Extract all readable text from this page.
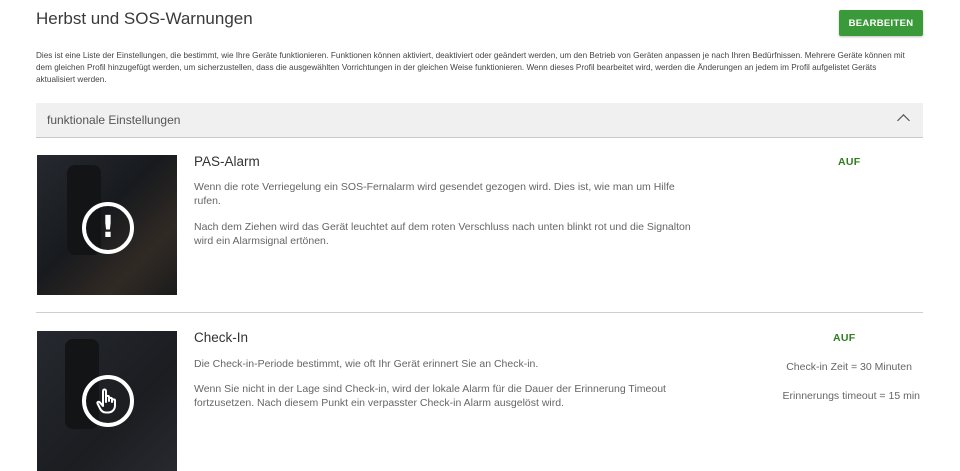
Herbst und SOS-Warnungen	BEARBEITEN
Dies ist eine Liste der Einstellungen, die bestimmt, wie Ihre Geräte funktionieren. Funktionen können aktiviert, deaktiviert oder geändert werden, um den Betrieb von Geräten anpassen je nach Ihren Bedürfnissen. Mehrere Geräte können mit dem gleichen Profil hinzugefügt werden, um sicherzustellen, dass die ausgewählten Vorrichtungen in der gleichen Weise funktionieren. Wenn dieses Profil bearbeitet wird, werden die Änderungen an jedem im Profil aufgelistet Geräts aktualisiert werden.
funktionale Einstellungen
!
PAS-Alarm
Wenn die rote Verriegelung ein SOS-Fernalarm wird gesendet gezogen wird. Dies ist, wie man um Hilfe rufen.
Nach dem Ziehen wird das Gerät leuchtet auf dem roten Verschluss nach unten blinkt rot und die Signalton wird ein Alarmsignal ertönen.
AUF
Check-In
Die Check-in-Periode bestimmt, wie oft Ihr Gerät erinnert Sie an Check-in.
Wenn Sie nicht in der Lage sind Check-in, wird der lokale Alarm für die Dauer der Erinnerung Timeout fortzusetzen. Nach diesem Punkt ein verpasster Check-in Alarm ausgelöst wird.
AUF
Check-in Zeit = 30 Minuten
Erinnerungs timeout = 15 min
